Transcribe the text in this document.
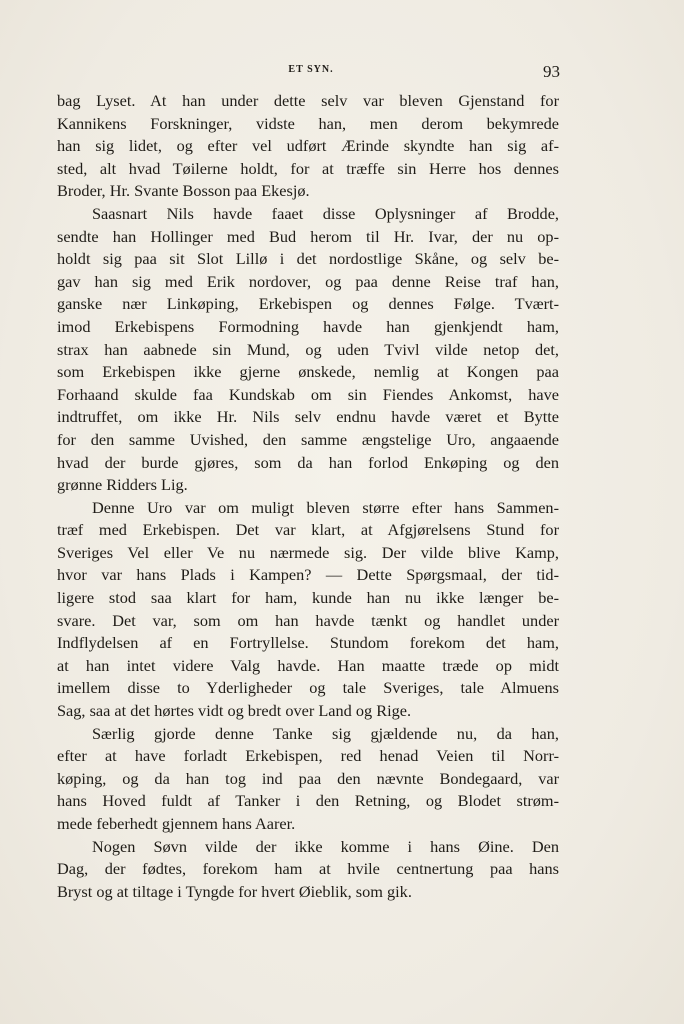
ET SYN.	93
bag Lyset. At han under dette selv var bleven Gjenstand for
Kannikens Forskninger, vidste han, men derom bekymrede
han sig lidet, og efter vel udført Ærinde skyndte han sig af-
sted, alt hvad Tøilerne holdt, for at træffe sin Herre hos dennes
Broder, Hr. Svante Bosson paa Ekesjø.
Saasnart Nils havde faaet disse Oplysninger af Brodde,
sendte han Hollinger med Bud herom til Hr. Ivar, der nu op-
holdt sig paa sit Slot Lillø i det nordostlige Skåne, og selv be-
gav han sig med Erik nordover, og paa denne Reise traf han,
ganske nær Linkøping, Erkebispen og dennes Følge. Tvært-
imod Erkebispens Formodning havde han gjenkjendt ham,
strax han aabnede sin Mund, og uden Tvivl vilde netop det,
som Erkebispen ikke gjerne ønskede, nemlig at Kongen paa
Forhaand skulde faa Kundskab om sin Fiendes Ankomst, have
indtruffet, om ikke Hr. Nils selv endnu havde været et Bytte
for den samme Uvished, den samme ængstelige Uro, angaaende
hvad der burde gjøres, som da han forlod Enkøping og den
grønne Ridders Lig.
Denne Uro var om muligt bleven større efter hans Sammen-
træf med Erkebispen. Det var klart, at Afgjørelsens Stund for
Sveriges Vel eller Ve nu nærmede sig. Der vilde blive Kamp,
hvor var hans Plads i Kampen? — Dette Spørgsmaal, der tid-
ligere stod saa klart for ham, kunde han nu ikke længer be-
svare. Det var, som om han havde tænkt og handlet under
Indflydelsen af en Fortryllelse. Stundom forekom det ham,
at han intet videre Valg havde. Han maatte træde op midt
imellem disse to Yderligheder og tale Sveriges, tale Almuens
Sag, saa at det hørtes vidt og bredt over Land og Rige.
Særlig gjorde denne Tanke sig gjældende nu, da han,
efter at have forladt Erkebispen, red henad Veien til Norr-
køping, og da han tog ind paa den nævnte Bondegaard, var
hans Hoved fuldt af Tanker i den Retning, og Blodet strøm-
mede feberhedt gjennem hans Aarer.
Nogen Søvn vilde der ikke komme i hans Øine. Den
Dag, der fødtes, forekom ham at hvile centnertung paa hans
Bryst og at tiltage i Tyngde for hvert Øieblik, som gik.
